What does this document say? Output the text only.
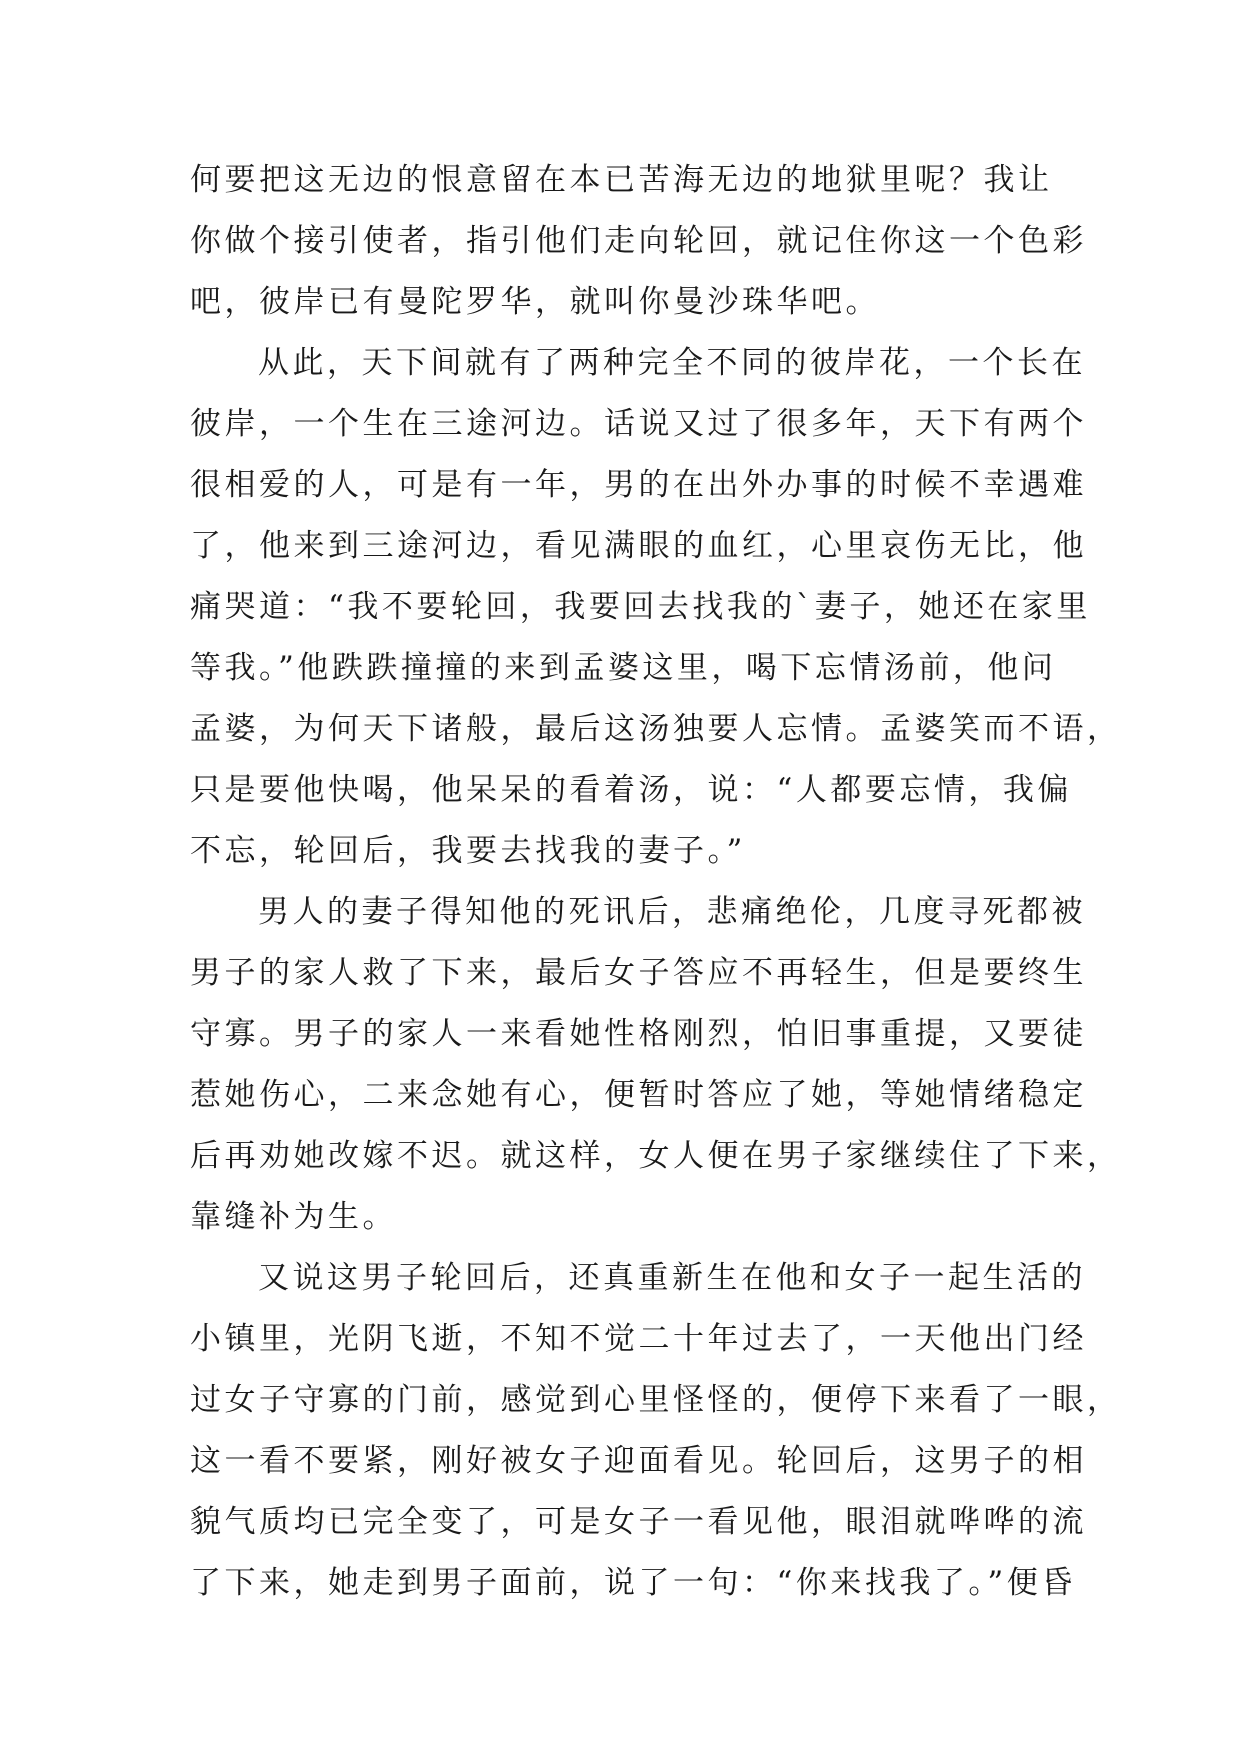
何要把这无边的恨意留在本已苦海无边的地狱里呢？我让
你做个接引使者，指引他们走向轮回，就记住你这一个色彩
吧，彼岸已有曼陀罗华，就叫你曼沙珠华吧。
从此，天下间就有了两种完全不同的彼岸花，一个长在
彼岸，一个生在三途河边。话说又过了很多年，天下有两个
很相爱的人，可是有一年，男的在出外办事的时候不幸遇难
了，他来到三途河边，看见满眼的血红，心里哀伤无比，他
痛哭道：“我不要轮回，我要回去找我的`妻子，她还在家里
等我。”他跌跌撞撞的来到孟婆这里，喝下忘情汤前，他问
孟婆，为何天下诸般，最后这汤独要人忘情。孟婆笑而不语，
只是要他快喝，他呆呆的看着汤，说：“人都要忘情，我偏
不忘，轮回后，我要去找我的妻子。”
男人的妻子得知他的死讯后，悲痛绝伦，几度寻死都被
男子的家人救了下来，最后女子答应不再轻生，但是要终生
守寡。男子的家人一来看她性格刚烈，怕旧事重提，又要徒
惹她伤心，二来念她有心，便暂时答应了她，等她情绪稳定
后再劝她改嫁不迟。就这样，女人便在男子家继续住了下来，
靠缝补为生。
又说这男子轮回后，还真重新生在他和女子一起生活的
小镇里，光阴飞逝，不知不觉二十年过去了，一天他出门经
过女子守寡的门前，感觉到心里怪怪的，便停下来看了一眼，
这一看不要紧，刚好被女子迎面看见。轮回后，这男子的相
貌气质均已完全变了，可是女子一看见他，眼泪就哗哗的流
了下来，她走到男子面前，说了一句：“你来找我了。”便昏
